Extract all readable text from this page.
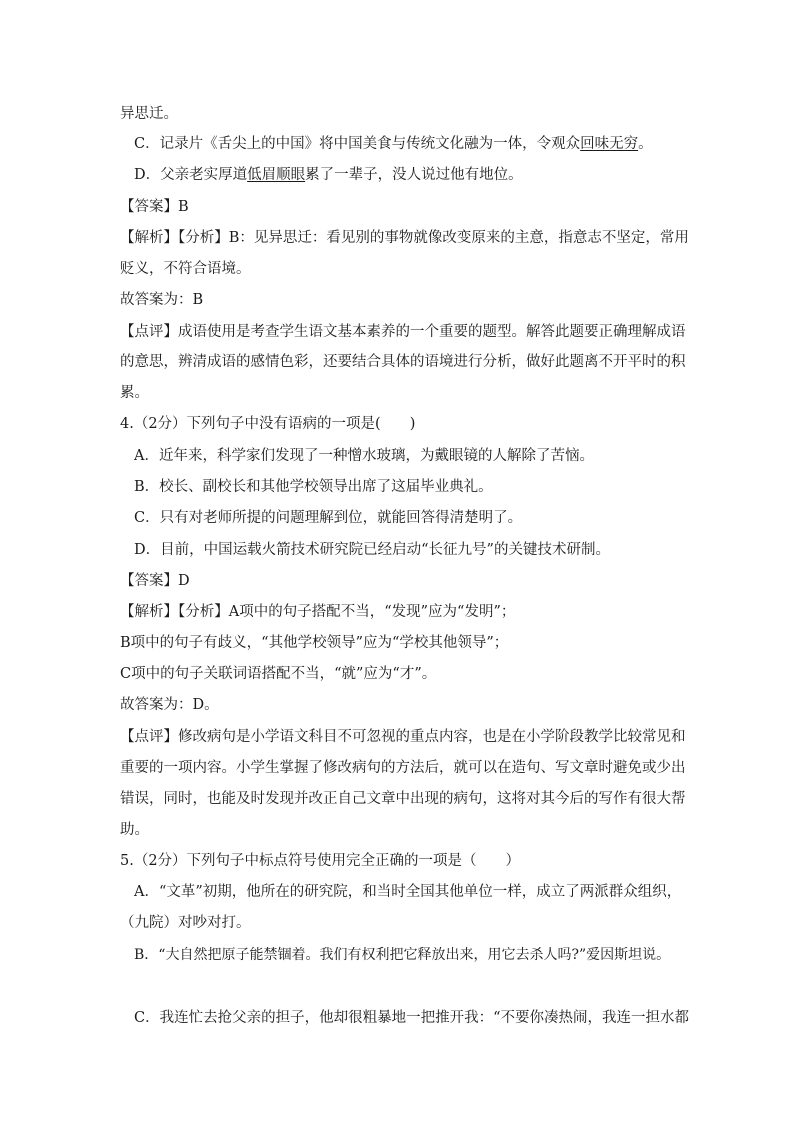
异思迁。
C．记录片《舌尖上的中国》将中国美食与传统文化融为一体，令观众回味无穷。
D．父亲老实厚道低眉顺眼累了一辈子，没人说过他有地位。
【答案】B
【解析】【分析】B：见异思迁：看见别的事物就像改变原来的主意，指意志不坚定，常用
贬义，不符合语境。
故答案为：B
【点评】成语使用是考查学生语文基本素养的一个重要的题型。解答此题要正确理解成语
的意思，辨清成语的感情色彩，还要结合具体的语境进行分析，做好此题离不开平时的积
累。
4.（2分）下列句子中没有语病的一项是(　　)
A．近年来，科学家们发现了一种憎水玻璃，为戴眼镜的人解除了苦恼。
B．校长、副校长和其他学校领导出席了这届毕业典礼。
C．只有对老师所提的问题理解到位，就能回答得清楚明了。
D．目前，中国运载火箭技术研究院已经启动“长征九号”的关键技术研制。
【答案】D
【解析】【分析】A项中的句子搭配不当，“发现”应为“发明”；
B项中的句子有歧义，“其他学校领导”应为“学校其他领导”；
C项中的句子关联词语搭配不当，“就”应为“才”。
故答案为：D。
【点评】修改病句是小学语文科目不可忽视的重点内容，也是在小学阶段教学比较常见和
重要的一项内容。小学生掌握了修改病句的方法后，就可以在造句、写文章时避免或少出
错误，同时，也能及时发现并改正自己文章中出现的病句，这将对其今后的写作有很大帮
助。
5.（2分）下列句子中标点符号使用完全正确的一项是（　　）
A．“文革”初期，他所在的研究院，和当时全国其他单位一样，成立了两派群众组织，
（九院）对吵对打。
B．“大自然把原子能禁锢着。我们有权利把它释放出来，用它去杀人吗?”爱因斯坦说。
C．我连忙去抢父亲的担子，他却很粗暴地一把推开我：“不要你凑热闹，我连一担水都
